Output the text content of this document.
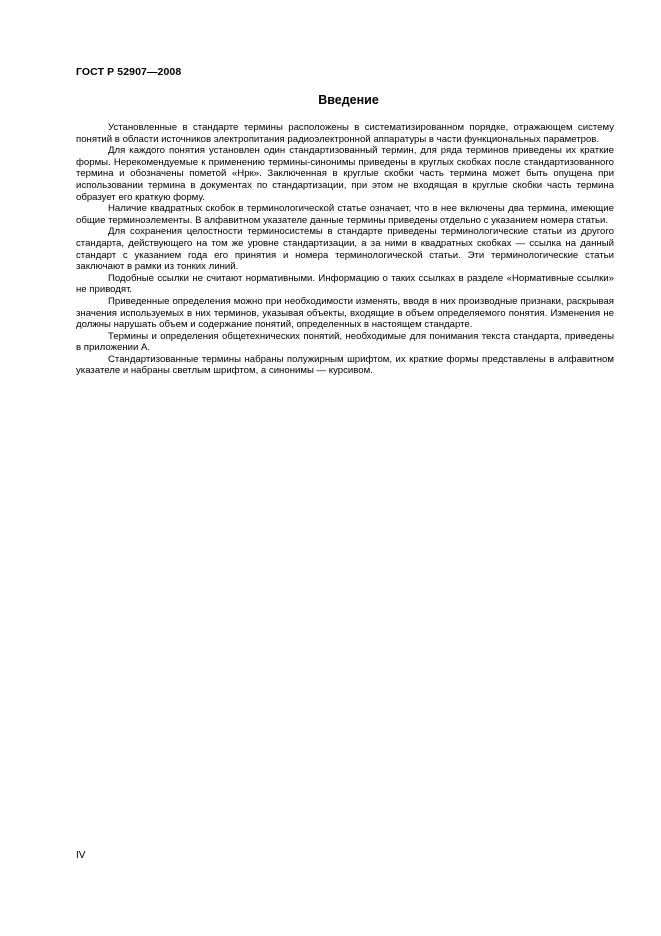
ГОСТ Р 52907—2008
Введение

Установленные в стандарте термины расположены в систематизированном порядке, отражающем систему понятий в области источников электропитания радиоэлектронной аппаратуры в части функциональных параметров.

Для каждого понятия установлен один стандартизованный термин, для ряда терминов приведены их краткие формы. Нерекомендуемые к применению термины-синонимы приведены в круглых скобках после стандартизованного термина и обозначены пометой «Нрк». Заключенная в круглые скобки часть термина может быть опущена при использовании термина в документах по стандартизации, при этом не входящая в круглые скобки часть термина образует его краткую форму.

Наличие квадратных скобок в терминологической статье означает, что в нее включены два термина, имеющие общие терминоэлементы. В алфавитном указателе данные термины приведены отдельно с указанием номера статьи.

Для сохранения целостности терминосистемы в стандарте приведены терминологические статьи из другого стандарта, действующего на том же уровне стандартизации, а за ними в квадратных скобках — ссылка на данный стандарт с указанием года его принятия и номера терминологической статьи. Эти терминологические статьи заключают в рамки из тонких линий.

Подобные ссылки не считают нормативными. Информацию о таких ссылках в разделе «Нормативные ссылки» не приводят.

Приведенные определения можно при необходимости изменять, вводя в них производные признаки, раскрывая значения используемых в них терминов, указывая объекты, входящие в объем определяемого понятия. Изменения не должны нарушать объем и содержание понятий, определенных в настоящем стандарте.

Термины и определения общетехнических понятий, необходимые для понимания текста стандарта, приведены в приложении А.

Стандартизованные термины набраны полужирным шрифтом, их краткие формы представлены в алфавитном указателе и набраны светлым шрифтом, а синонимы — курсивом.

IV
